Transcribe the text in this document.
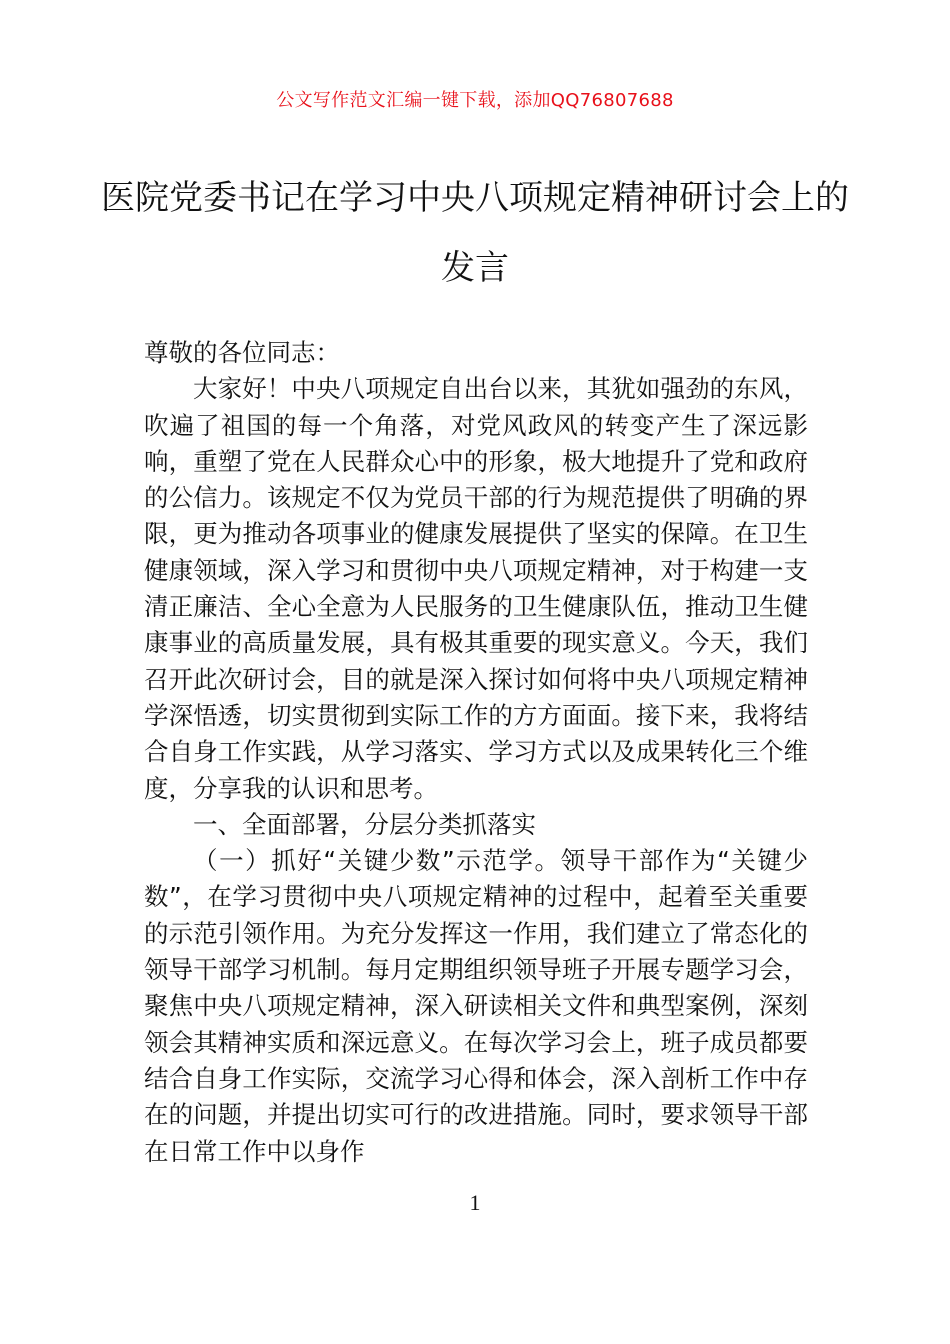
公文写作范文汇编一键下载，添加QQ76807688
医院党委书记在学习中央八项规定精神研讨会上的发言

尊敬的各位同志：

大家好！中央八项规定自出台以来，其犹如强劲的东风，吹遍了祖国的每一个角落，对党风政风的转变产生了深远影响，重塑了党在人民群众心中的形象，极大地提升了党和政府的公信力。该规定不仅为党员干部的行为规范提供了明确的界限，更为推动各项事业的健康发展提供了坚实的保障。在卫生健康领域，深入学习和贯彻中央八项规定精神，对于构建一支清正廉洁、全心全意为人民服务的卫生健康队伍，推动卫生健康事业的高质量发展，具有极其重要的现实意义。今天，我们召开此次研讨会，目的就是深入探讨如何将中央八项规定精神学深悟透，切实贯彻到实际工作的方方面面。接下来，我将结合自身工作实践，从学习落实、学习方式以及成果转化三个维度，分享我的认识和思考。

一、全面部署，分层分类抓落实

（一）抓好“关键少数”示范学。领导干部作为“关键少数”，在学习贯彻中央八项规定精神的过程中，起着至关重要的示范引领作用。为充分发挥这一作用，我们建立了常态化的领导干部学习机制。每月定期组织领导班子开展专题学习会，聚焦中央八项规定精神，深入研读相关文件和典型案例，深刻领会其精神实质和深远意义。在每次学习会上，班子成员都要结合自身工作实际，交流学习心得和体会，深入剖析工作中存在的问题，并提出切实可行的改进措施。同时，要求领导干部在日常工作中以身作

1
